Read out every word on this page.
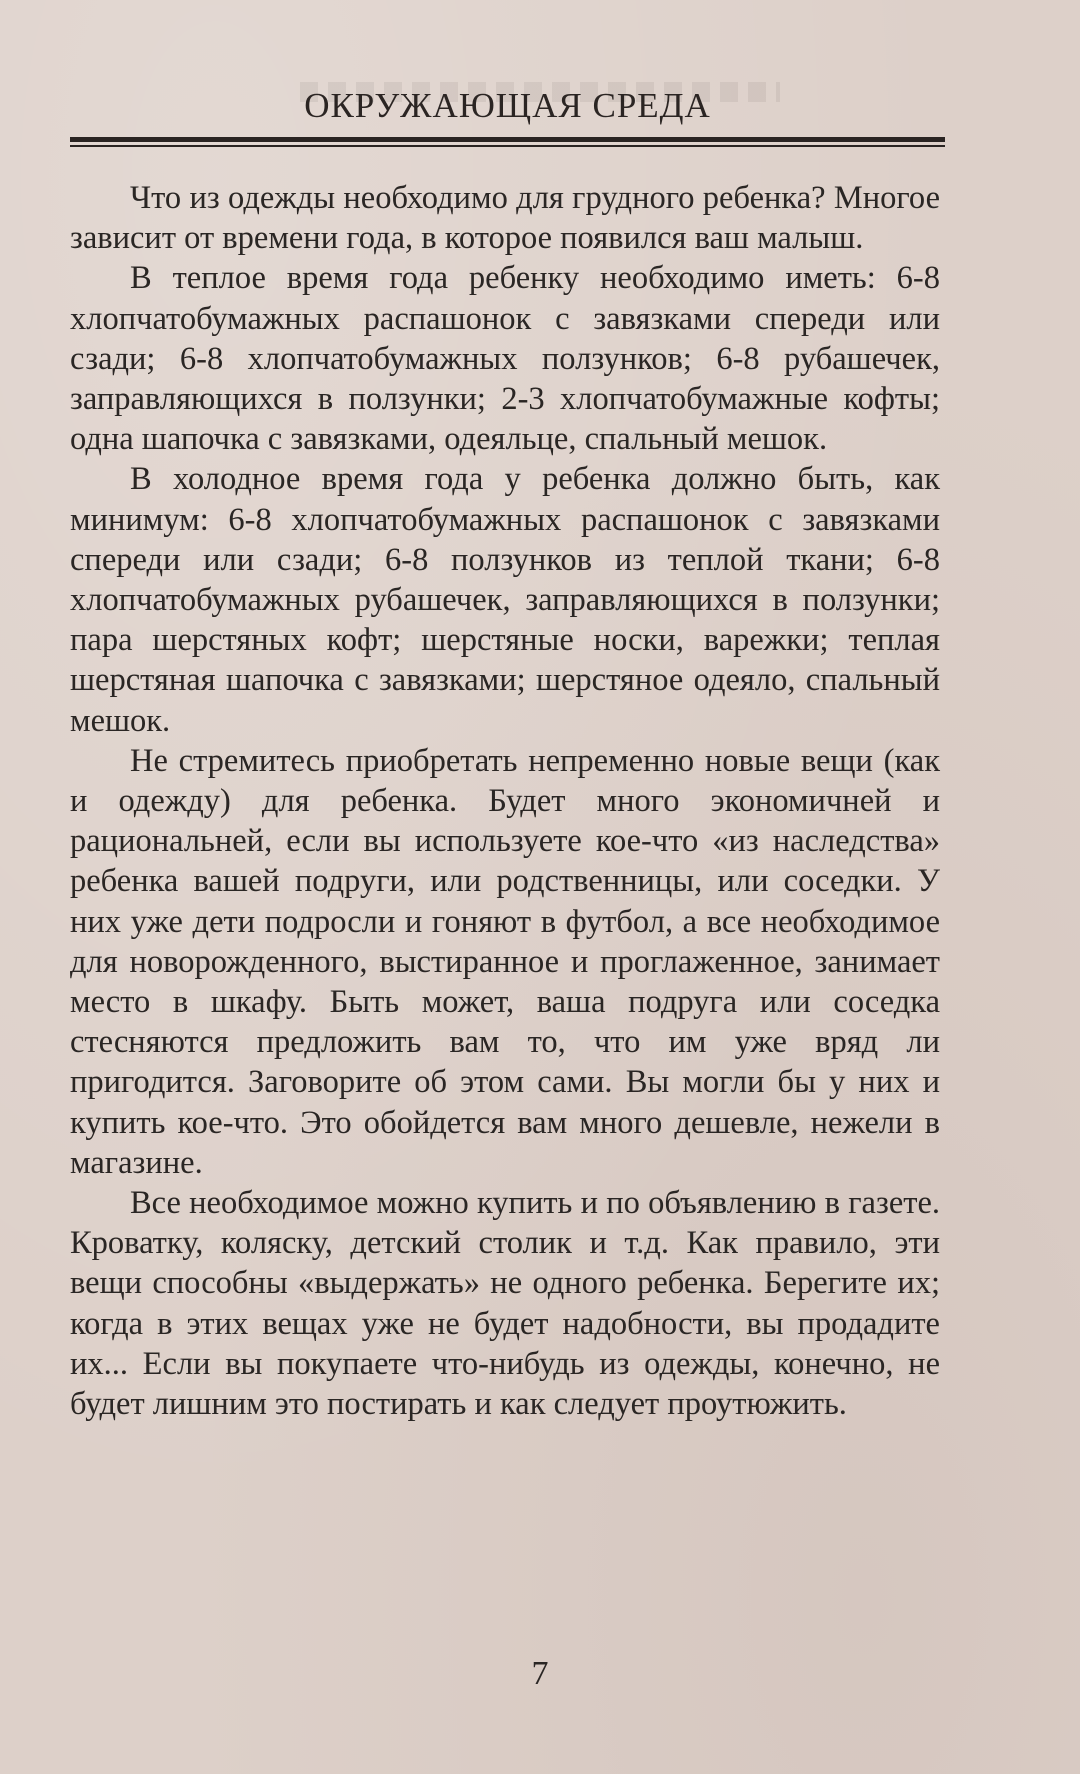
ОКРУЖАЮЩАЯ СРЕДА

Что из одежды необходимо для грудного ребенка? Многое зависит от времени года, в которое появился ваш малыш.

В теплое время года ребенку необходимо иметь: 6-8 хлопчатобумажных распашонок с завязками спереди или сзади; 6-8 хлопчатобумажных ползунков; 6-8 рубашечек, заправляющихся в ползунки; 2-3 хлопчатобумажные кофты; одна шапочка с завязками, одеяльце, спальный мешок.

В холодное время года у ребенка должно быть, как минимум: 6-8 хлопчатобумажных распашонок с завязками спереди или сзади; 6-8 ползунков из теплой ткани; 6-8 хлопчатобумажных рубашечек, заправляющихся в ползунки; пара шерстяных кофт; шерстяные носки, варежки; теплая шерстяная шапочка с завязками; шерстяное одеяло, спальный мешок.

Не стремитесь приобретать непременно новые вещи (как и одежду) для ребенка. Будет много экономичней и рациональней, если вы используете кое-что «из наследства» ребенка вашей подруги, или родственницы, или соседки. У них уже дети подросли и гоняют в футбол, а все необходимое для новорожденного, выстиранное и проглаженное, занимает место в шкафу. Быть может, ваша подруга или соседка стесняются предложить вам то, что им уже вряд ли пригодится. Заговорите об этом сами. Вы могли бы у них и купить кое-что. Это обойдется вам много дешевле, нежели в магазине.

Все необходимое можно купить и по объявлению в газете. Кроватку, коляску, детский столик и т.д. Как правило, эти вещи способны «выдержать» не одного ребенка. Берегите их; когда в этих вещах уже не будет надобности, вы продадите их... Если вы покупаете что-нибудь из одежды, конечно, не будет лишним это постирать и как следует проутюжить.

7
